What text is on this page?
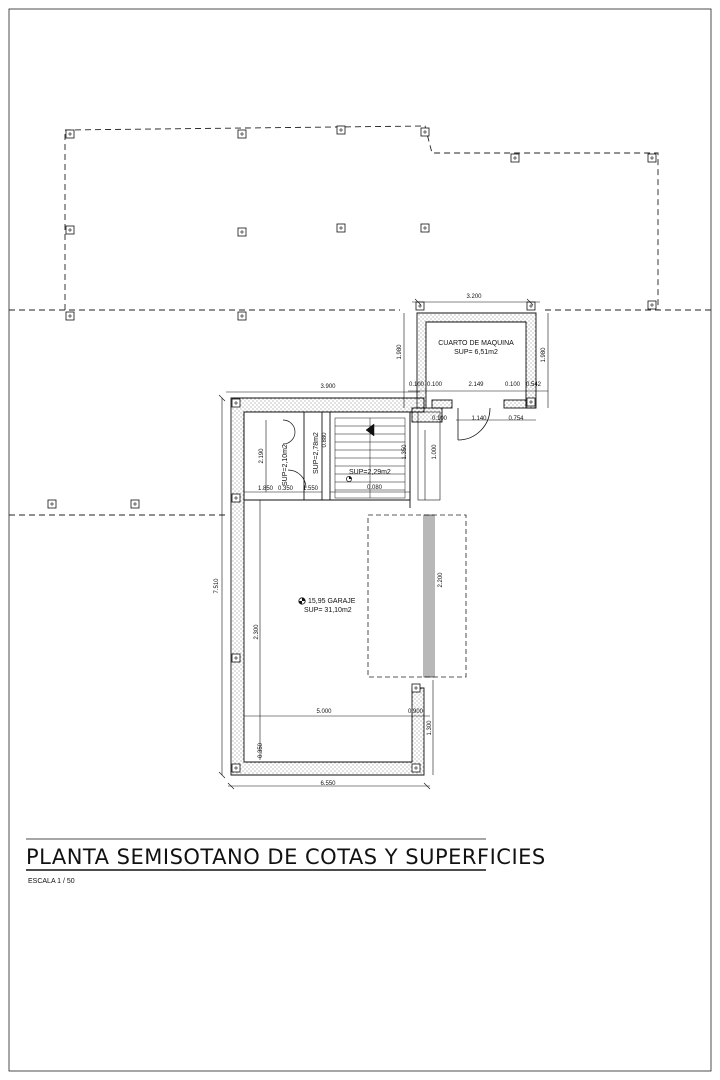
CUARTO DE MAQUINA
SUP= 6,51m2
15,95 GARAJE
SUP= 31,10m2
SUP=2,10m2	SUP=2,78m2	SUP=2,29m2
3.200
1.980	1.980
3.900	0.100 0.100	2.149	0.100 0.542
0.754
1.140
0.100
2.190
1.850 0.350 1.550
0.880
1.000
1.350
0.080
7.510
2.300
2.200
5.000	0.900
1.300
6.550
0.350
PLANTA SEMISOTANO DE COTAS Y SUPERFICIES
ESCALA 1 / 50
